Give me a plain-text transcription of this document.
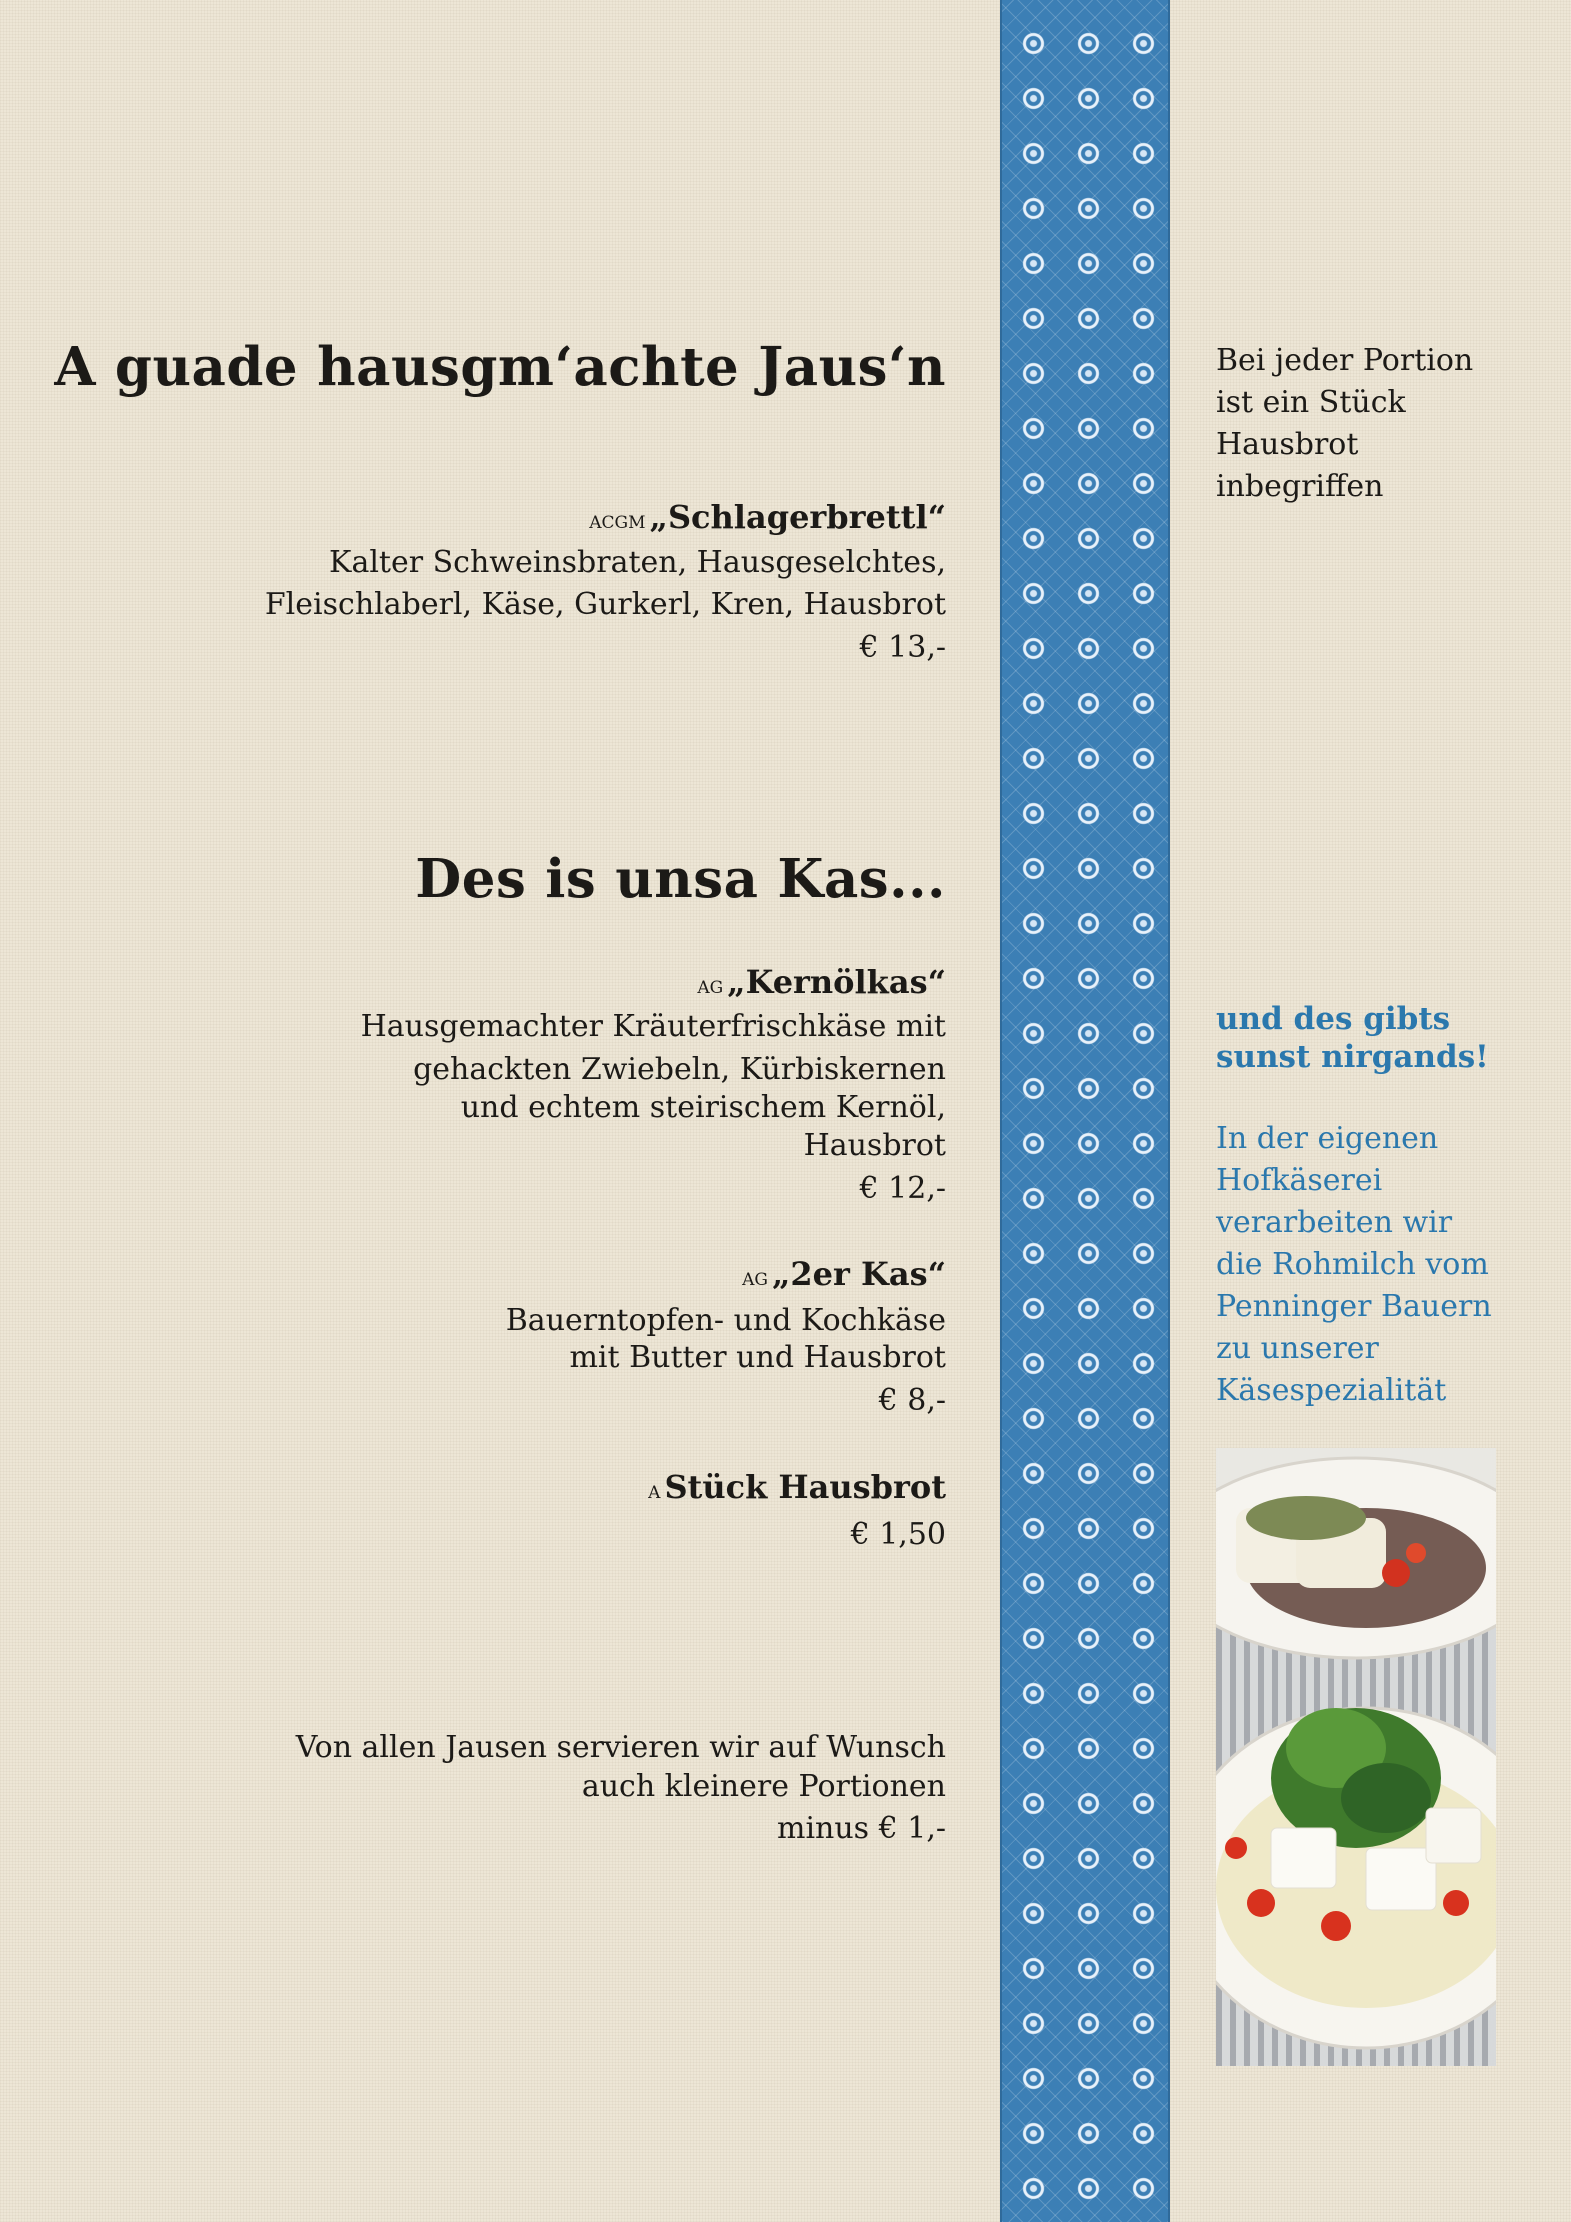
A guade hausgm‘achte Jaus‘n
ACGM „Schlagerbrettl“
Kalter Schweinsbraten, Hausgeselchtes,
Fleischlaberl, Käse, Gurkerl, Kren, Hausbrot
€ 13,-
Des is unsa Kas...
AG „Kernölkas“
Hausgemachter Kräuterfrischkäse mit
gehackten Zwiebeln, Kürbiskernen
und echtem steirischem Kernöl,
Hausbrot
€ 12,-
AG „2er Kas“
Bauerntopfen- und Kochkäse
mit Butter und Hausbrot
€ 8,-
A Stück Hausbrot
€ 1,50
Von allen Jausen servieren wir auf Wunsch
auch kleinere Portionen
minus € 1,-
Bei jeder Portion
ist ein Stück
Hausbrot
inbegriffen
und des gibts
sunst nirgands!
In der eigenen
Hofkäserei
verarbeiten wir
die Rohmilch vom
Penninger Bauern
zu unserer
Käsespezialität
